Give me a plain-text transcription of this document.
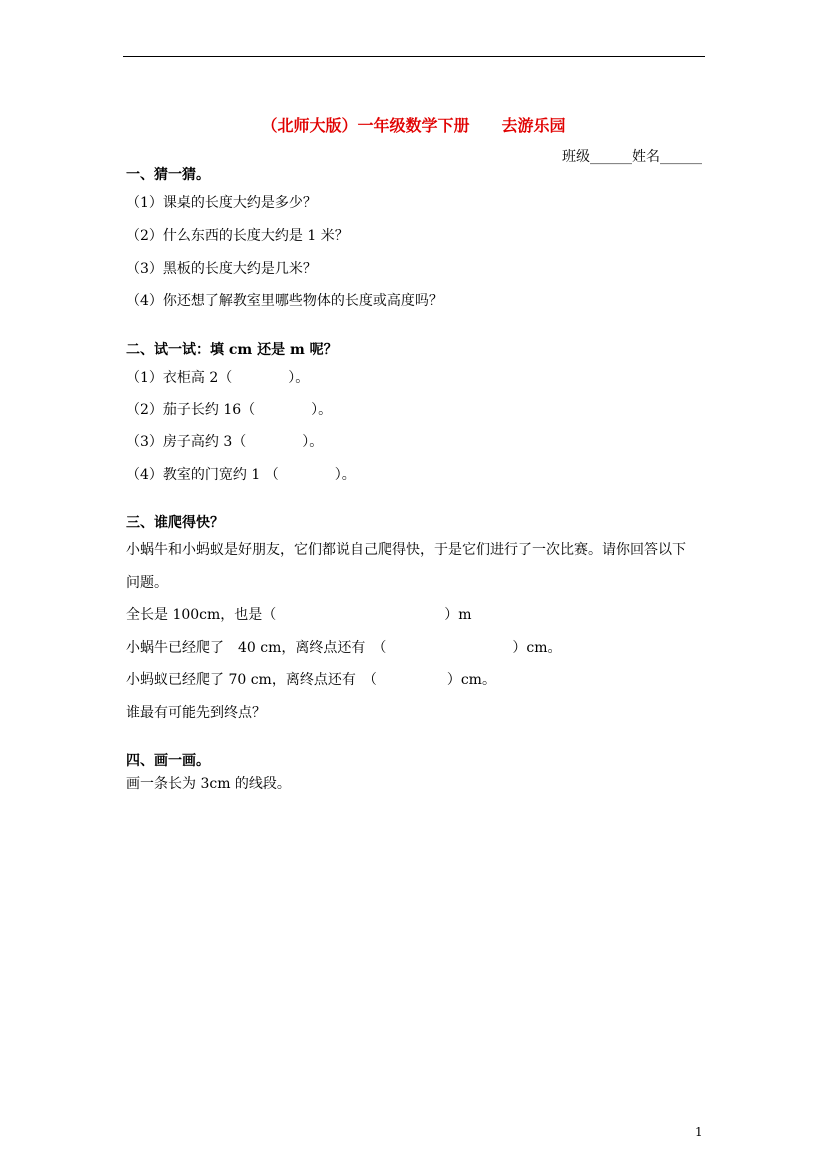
（北师大版）一年级数学下册　　去游乐园
班级______姓名______
一、猜一猜。
（1）课桌的长度大约是多少？
（2）什么东西的长度大约是 1 米？
（3）黑板的长度大约是几米？
（4）你还想了解教室里哪些物体的长度或高度吗？
二、试一试：填 cm 还是 m 呢？
（1）衣柜高 2（　　　　）。
（2）茄子长约 16（　　　　）。
（3）房子高约 3（　　　　）。
（4）教室的门宽约 1 （　　　　）。
三、谁爬得快？
小蜗牛和小蚂蚁是好朋友，它们都说自己爬得快，于是它们进行了一次比赛。请你回答以下
问题。
全长是 100cm，也是（　　　　　　　　　　　　）m
小蜗牛已经爬了　40 cm，离终点还有　（　　　　　　　　　）cm。
小蚂蚁已经爬了 70 cm，离终点还有　（　　　　　）cm。
谁最有可能先到终点？
四、画一画。
画一条长为 3cm 的线段。
1
